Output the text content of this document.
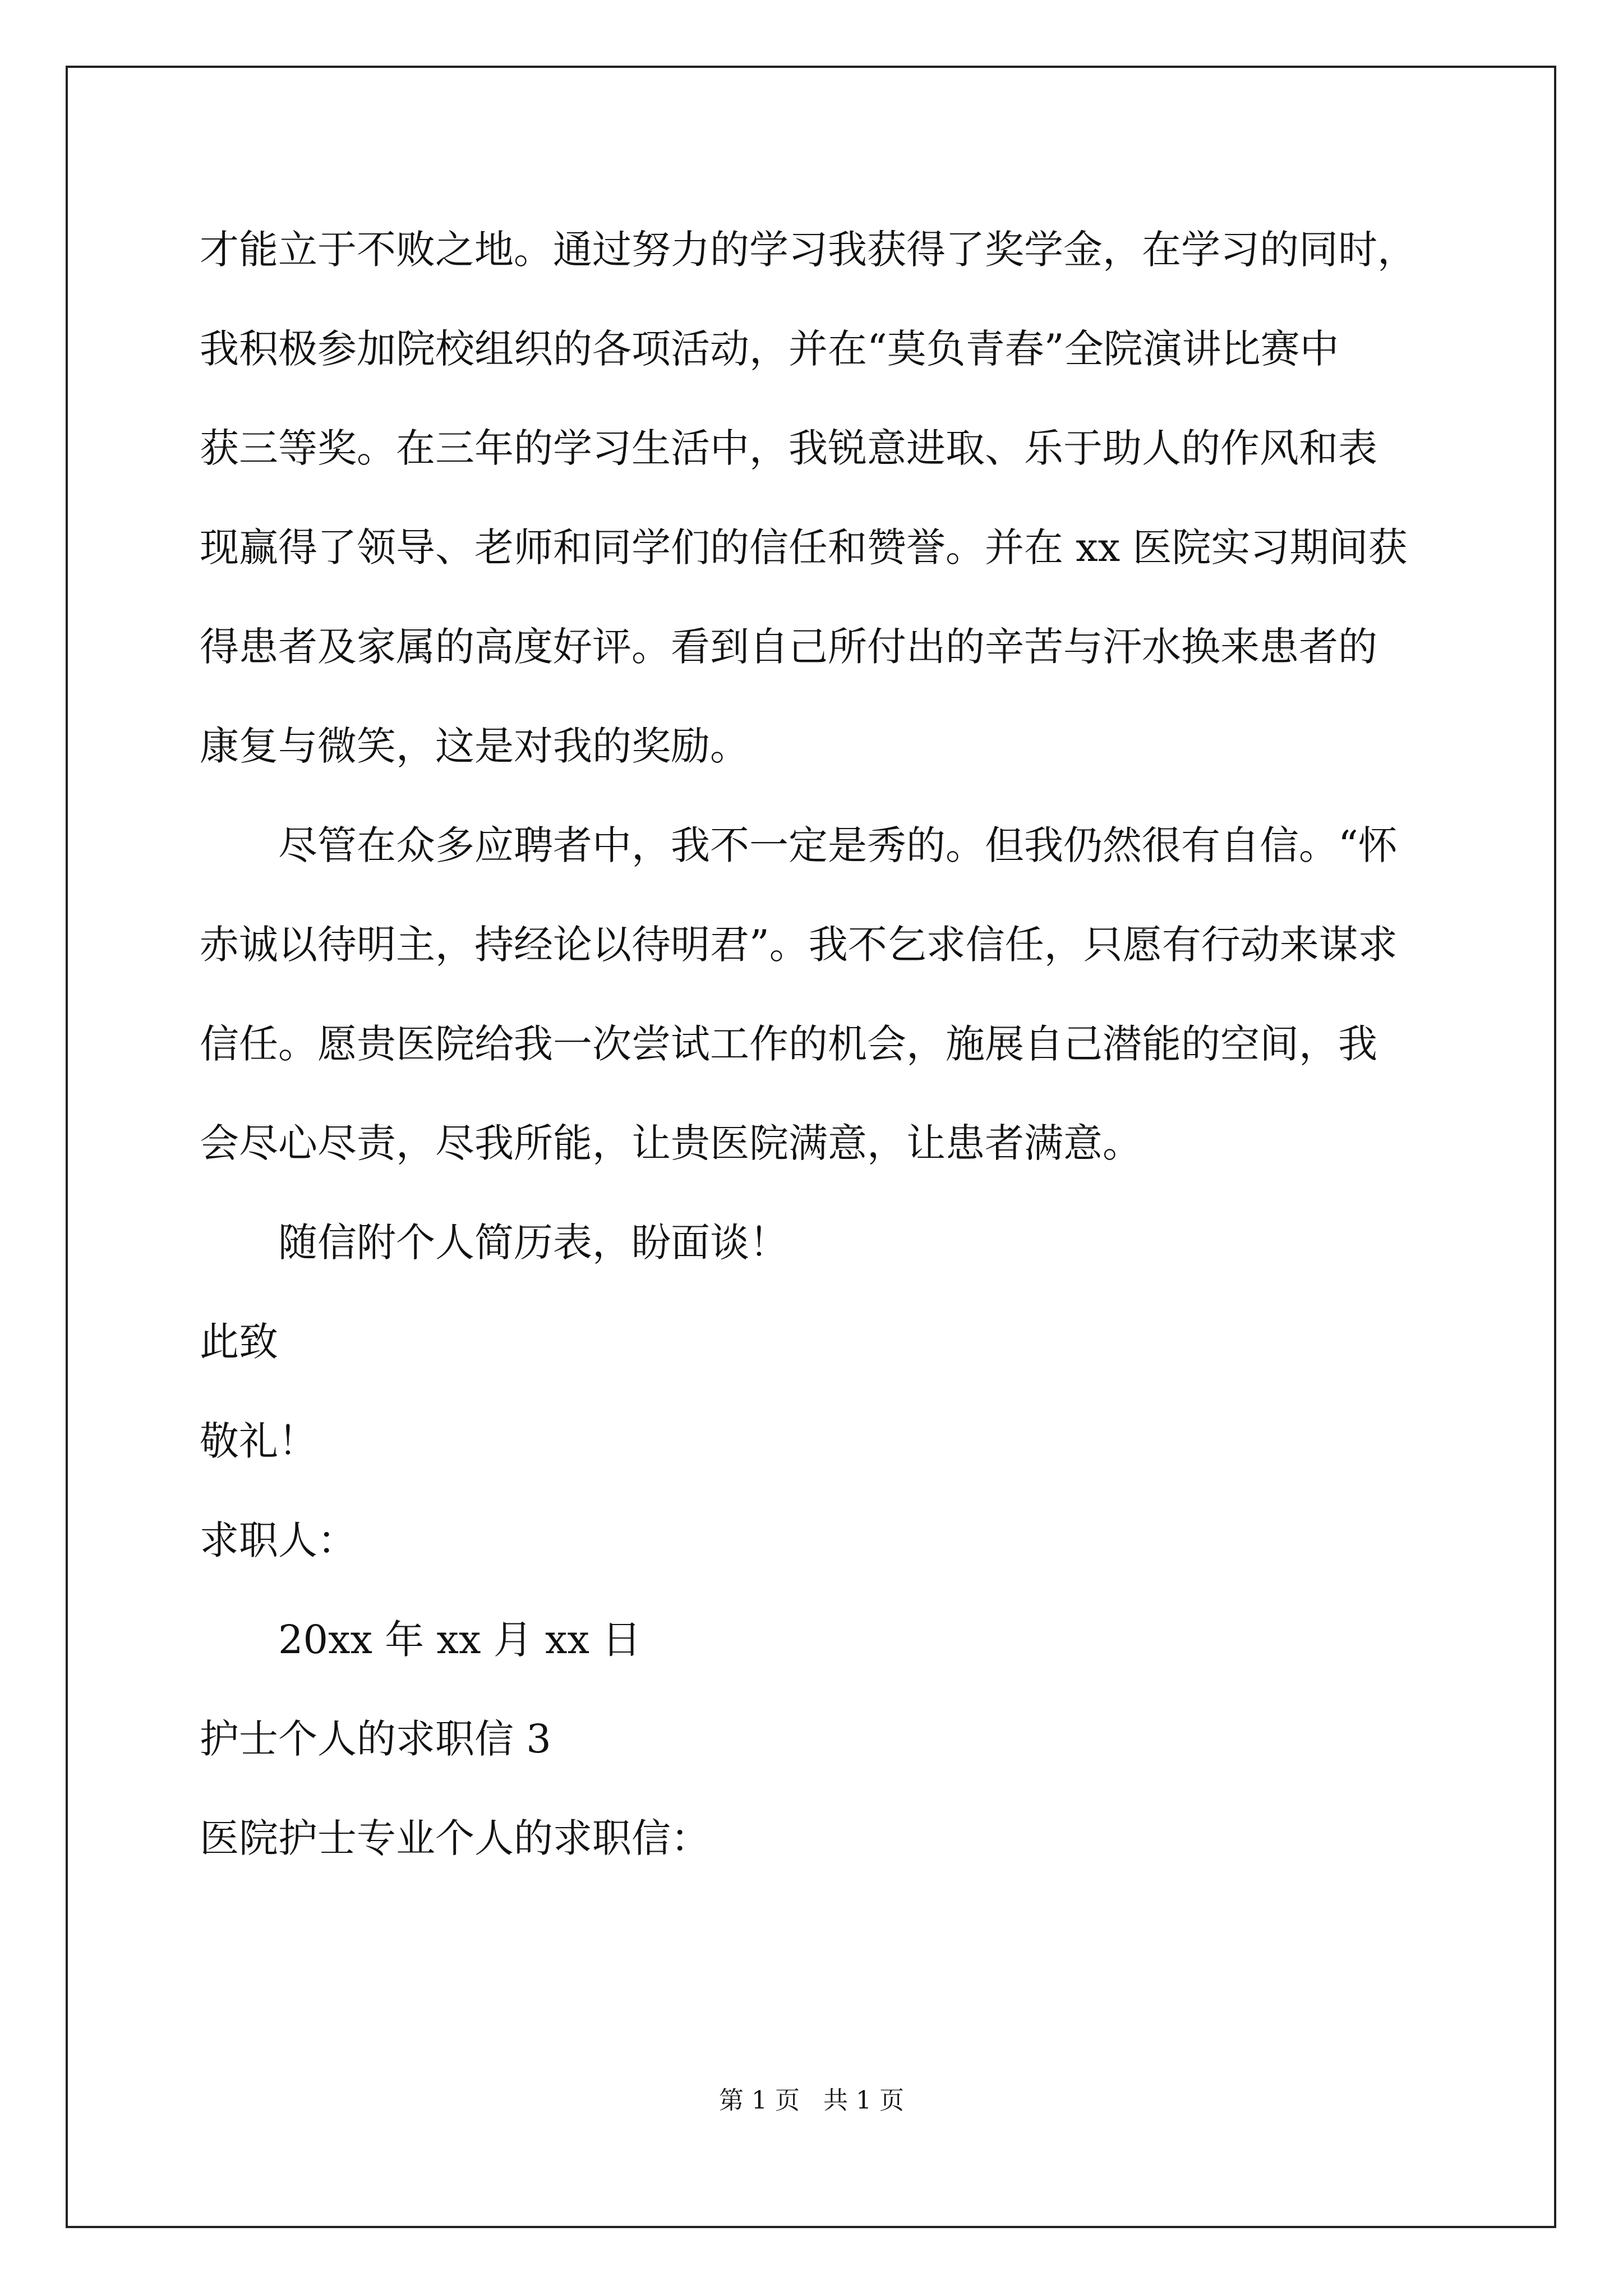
才能立于不败之地。通过努力的学习我获得了奖学金，在学习的同时，
我积极参加院校组织的各项活动，并在“莫负青春”全院演讲比赛中
获三等奖。在三年的学习生活中，我锐意进取、乐于助人的作风和表
现赢得了领导、老师和同学们的信任和赞誉。并在 xx 医院实习期间获
得患者及家属的高度好评。看到自己所付出的辛苦与汗水换来患者的
康复与微笑，这是对我的奖励。
尽管在众多应聘者中，我不一定是秀的。但我仍然很有自信。“怀
赤诚以待明主，持经论以待明君”。我不乞求信任，只愿有行动来谋求
信任。愿贵医院给我一次尝试工作的机会，施展自己潜能的空间，我
会尽心尽责，尽我所能，让贵医院满意，让患者满意。
随信附个人简历表，盼面谈！
此致
敬礼！
求职人：
20xx 年 xx 月 xx 日
护士个人的求职信 3
医院护士专业个人的求职信：
第 1 页   共 1 页
